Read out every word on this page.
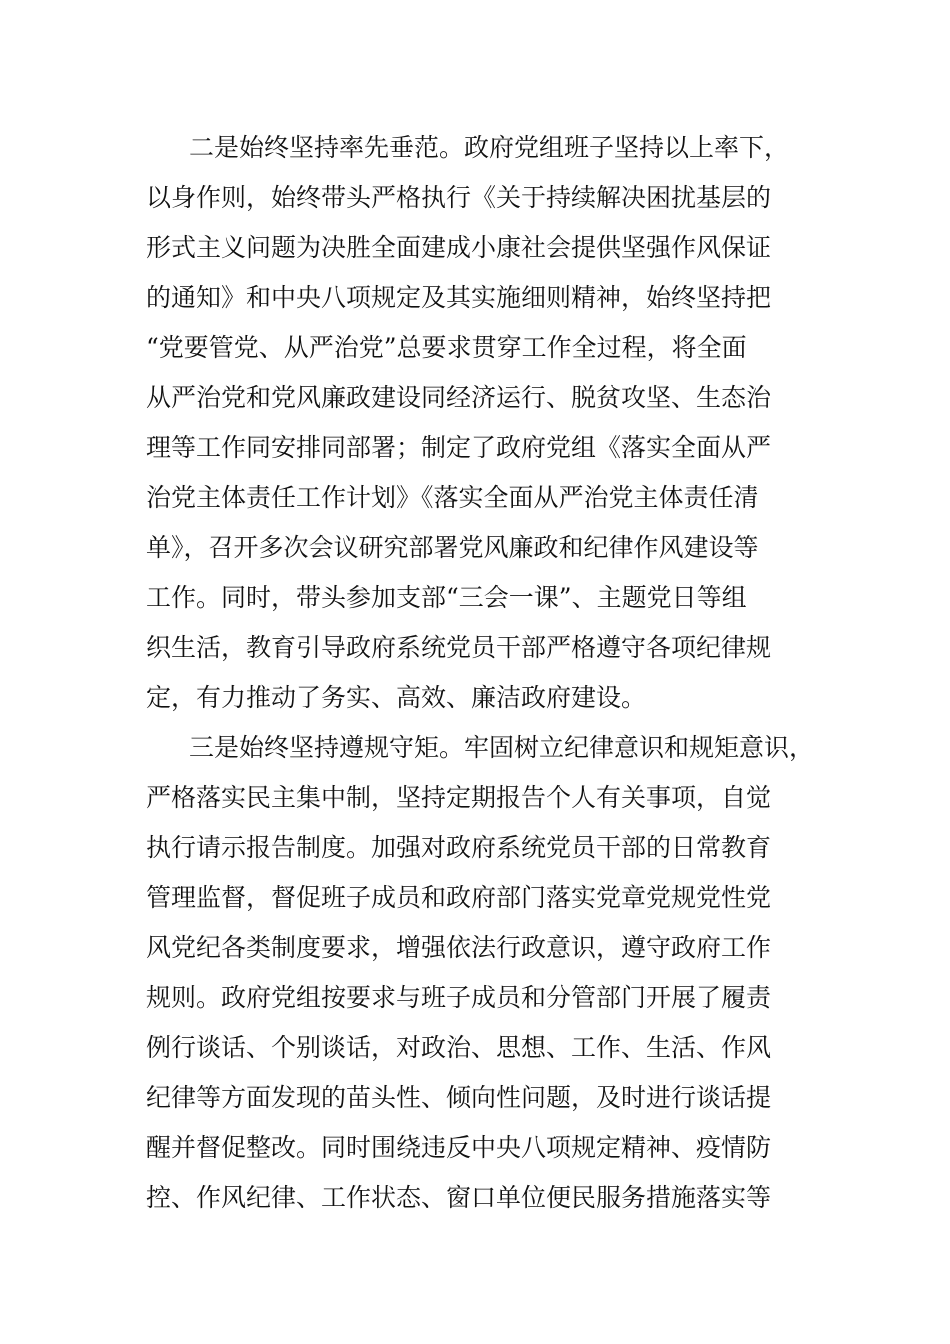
二是始终坚持率先垂范。政府党组班子坚持以上率下，
以身作则，始终带头严格执行《关于持续解决困扰基层的
形式主义问题为决胜全面建成小康社会提供坚强作风保证
的通知》和中央八项规定及其实施细则精神，始终坚持把
“党要管党、从严治党”总要求贯穿工作全过程，将全面
从严治党和党风廉政建设同经济运行、脱贫攻坚、生态治
理等工作同安排同部署；制定了政府党组《落实全面从严
治党主体责任工作计划》《落实全面从严治党主体责任清
单》，召开多次会议研究部署党风廉政和纪律作风建设等
工作。同时，带头参加支部“三会一课”、主题党日等组
织生活，教育引导政府系统党员干部严格遵守各项纪律规
定，有力推动了务实、高效、廉洁政府建设。
三是始终坚持遵规守矩。牢固树立纪律意识和规矩意识，
严格落实民主集中制，坚持定期报告个人有关事项，自觉
执行请示报告制度。加强对政府系统党员干部的日常教育
管理监督，督促班子成员和政府部门落实党章党规党性党
风党纪各类制度要求，增强依法行政意识，遵守政府工作
规则。政府党组按要求与班子成员和分管部门开展了履责
例行谈话、个别谈话，对政治、思想、工作、生活、作风
纪律等方面发现的苗头性、倾向性问题，及时进行谈话提
醒并督促整改。同时围绕违反中央八项规定精神、疫情防
控、作风纪律、工作状态、窗口单位便民服务措施落实等
